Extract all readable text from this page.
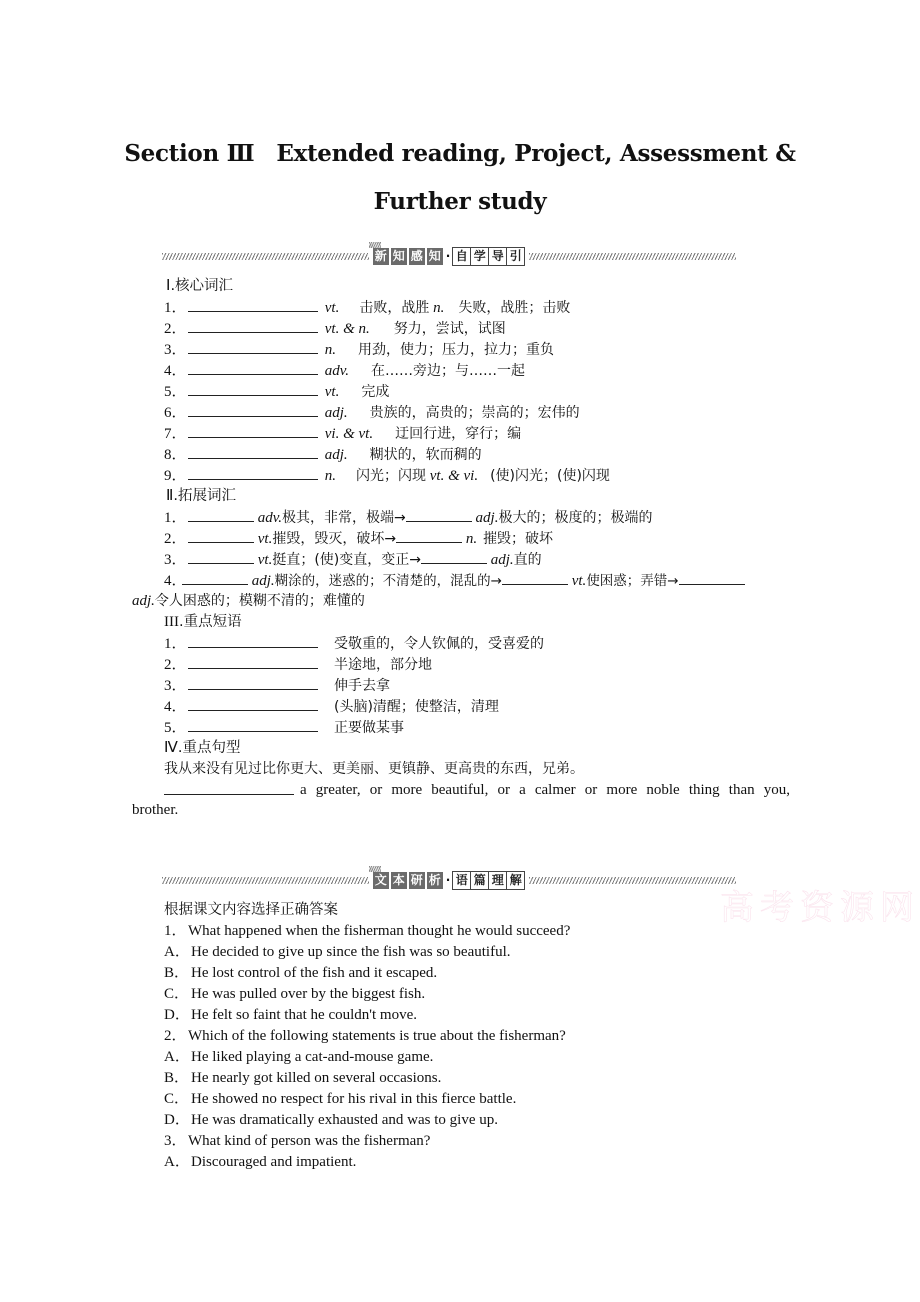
Section Ⅲ Extended reading, Project, Assessment &
Further study
新 知 感 知 · 自 学 导 引
Ⅰ.核心词汇
1．	vt. 击败，战胜 n. 失败，战胜；击败
2．	vt. & n. 努力，尝试，试图
3．	n. 用劲，使力；压力，拉力；重负
4．	adv. 在……旁边；与……一起
5．	vt. 完成
6．	adj. 贵族的，高贵的；崇高的；宏伟的
7．	vi. & vt. 迂回行进，穿行；编
8．	adj. 糊状的，软而稠的
9．	n. 闪光；闪现 vt. & vi. (使)闪光；(使)闪现
Ⅱ.拓展词汇
1．	adv.极其，非常，极端→	adj.极大的；极度的；极端的
2．	vt.摧毁，毁灭，破坏→	n. 摧毁；破坏
3．	vt.挺直；(使)变直，变正→	adj.直的
4．	adj.糊涂的，迷惑的；不清楚的，混乱的→	vt.使困惑；弄错→
adj.令人困惑的；模糊不清的；难懂的
III.重点短语
1．	受敬重的，令人钦佩的，受喜爱的
2．	半途地，部分地
3．	伸手去拿
4．	(头脑)清醒；使整洁，清理
5．	正要做某事
Ⅳ.重点句型
我从来没有见过比你更大、更美丽、更镇静、更高贵的东西，兄弟。
a greater, or more beautiful, or a calmer or more noble thing than you,
brother.
文 本 研 析 · 语 篇 理 解
高考资源网
根据课文内容选择正确答案
1．What happened when the fisherman thought he would succeed?
A．He decided to give up since the fish was so beautiful.
B． He lost control of the fish and it escaped.
C． He was pulled over by the biggest fish.
D．He felt so faint that he couldn't move.
2．Which of the following statements is true about the fisherman?
A．He liked playing a cat-and-mouse game.
B． He nearly got killed on several occasions.
C． He showed no respect for his rival in this fierce battle.
D．He was dramatically exhausted and was to give up.
3．What kind of person was the fisherman?
A．Discouraged and impatient.
